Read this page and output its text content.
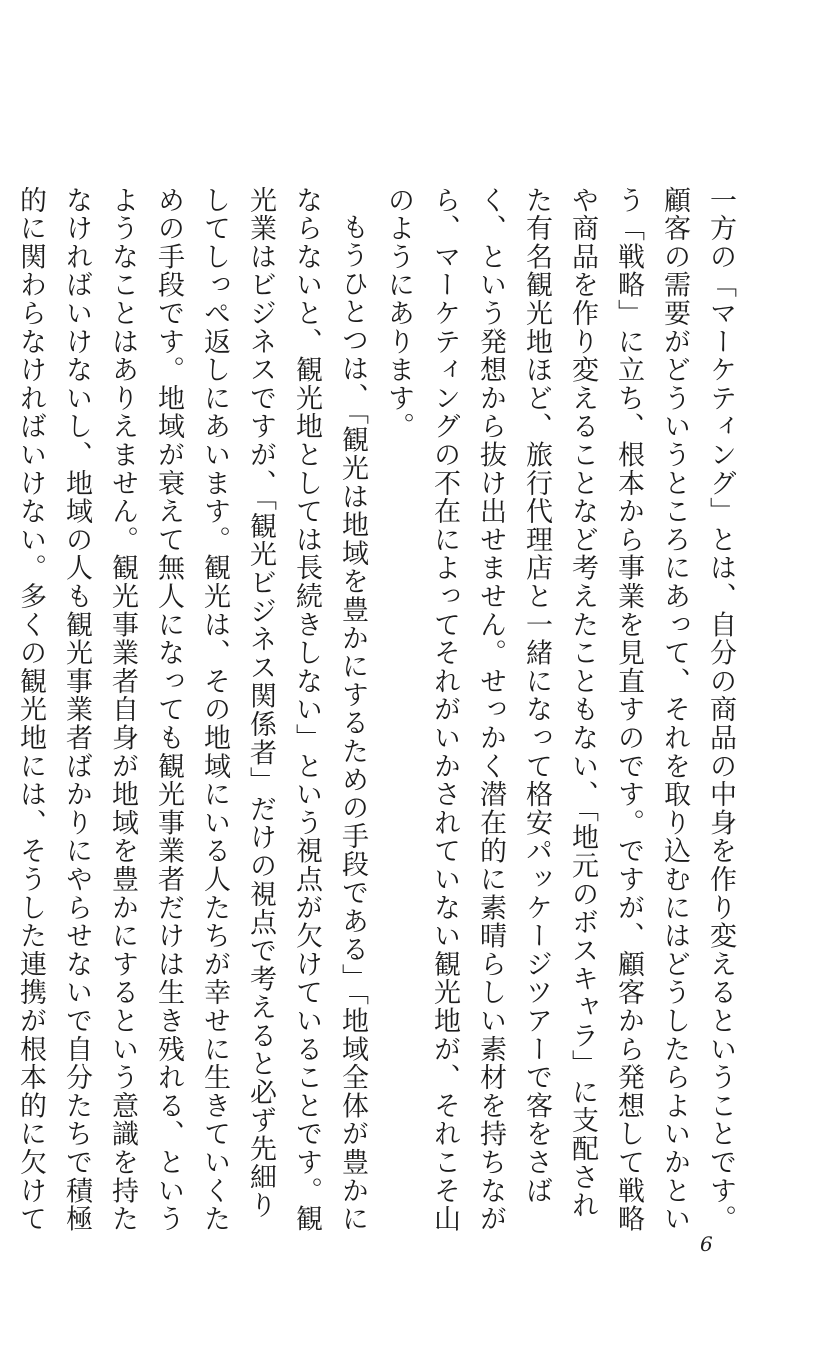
一方の「マーケティング」とは、自分の商品の中身を作り変えるということです。顧客の需要がどういうところにあって、それを取り込むにはどうしたらよいかという「戦略」に立ち、根本から事業を見直すのです。ですが、顧客から発想して戦略や商品を作り変えることなど考えたこともない、「地元のボスキャラ」に支配された有名観光地ほど、旅行代理店と一緒になって格安パッケージツアーで客をさばく、という発想から抜け出せません。せっかく潜在的に素晴らしい素材を持ちながら、マーケティングの不在によってそれがいかされていない観光地が、それこそ山のようにあります。

もうひとつは、「観光は地域を豊かにするための手段である」「地域全体が豊かにならないと、観光地としては長続きしない」という視点が欠けていることです。観光業はビジネスですが、「観光ビジネス関係者」だけの視点で考えると必ず先細りしてしっぺ返しにあいます。観光は、その地域にいる人たちが幸せに生きていくための手段です。地域が衰えて無人になっても観光事業者だけは生き残れる、というようなことはありえません。観光事業者自身が地域を豊かにするという意識を持たなければいけないし、地域の人も観光事業者ばかりにやらせないで自分たちで積極的に関わらなければいけない。多くの観光地には、そうした連携が根本的に欠けて

6
